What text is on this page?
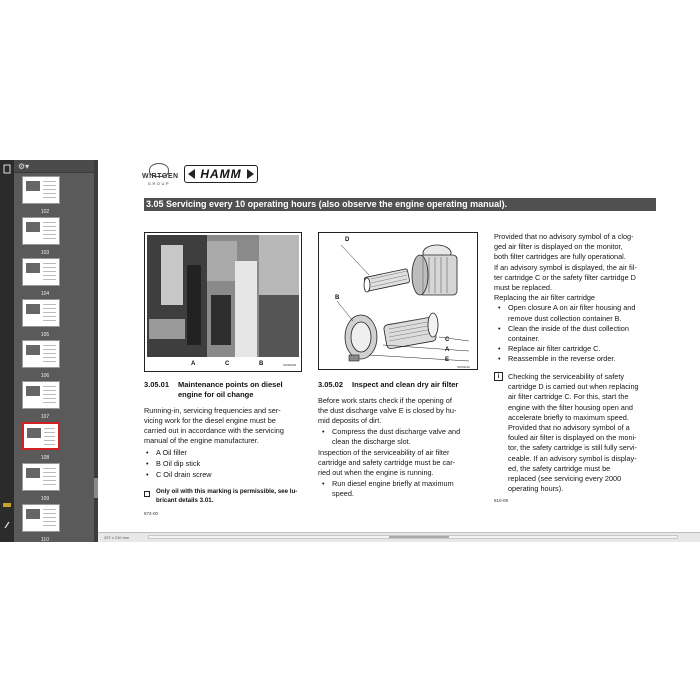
⚙▾
102
103
104
105
106
107
108
109
110
WIRTGEN
GROUP
HAMM
3.05 Servicing every 10 operating hours (also observe the engine operating manual).
A	C	B	SW00940
D
B
C
A
E
SW01140
3.05.01 Maintenance points on diesel
engine for oil change
Running-in, servicing frequencies and ser-
vicing work for the diesel engine must be
carried out in accordance with the servicing
manual of the engine manufacturer.
• A Oil filler
• B Oil dip stick
• C Oil drain screw
Only oil with this marking is permissible, see lu-
bricant details 3.01.
872-00
3.05.02 Inspect and clean dry air filter
Before work starts check if the opening of
the dust discharge valve E is closed by hu-
mid deposits of dirt.
• Compress the dust discharge valve and
clean the discharge slot.
Inspection of the serviceability of air filter
cartridge and safety cartridge must be car-
ried out when the engine is running.
• Run diesel engine briefly at maximum
speed.
i
810-09
Provided that no advisory symbol of a clog-
ged air filter is displayed on the monitor,
both filter cartridges are fully operational.
If an advisory symbol is displayed, the air fil-
ter cartridge C or the safety filter cartridge D
must be replaced.
Replacing the air filter cartridge
• Open closure A on air filter housing and
remove dust collection container B.
• Clean the inside of the dust collection
container.
• Replace air filter cartridge C.
• Reassemble in the reverse order.
Checking the serviceability of safety
cartridge D is carried out when replacing
air filter cartridge C. For this, start the
engine with the filter housing open and
accelerate briefly to maximum speed.
Provided that no advisory symbol of a
fouled air filter is displayed on the moni-
tor, the safety cartridge is still fully servi-
ceable. If an advisory symbol is display-
ed, the safety cartridge must be
replaced (see servicing every 2000
operating hours).
297 x 210 mm
